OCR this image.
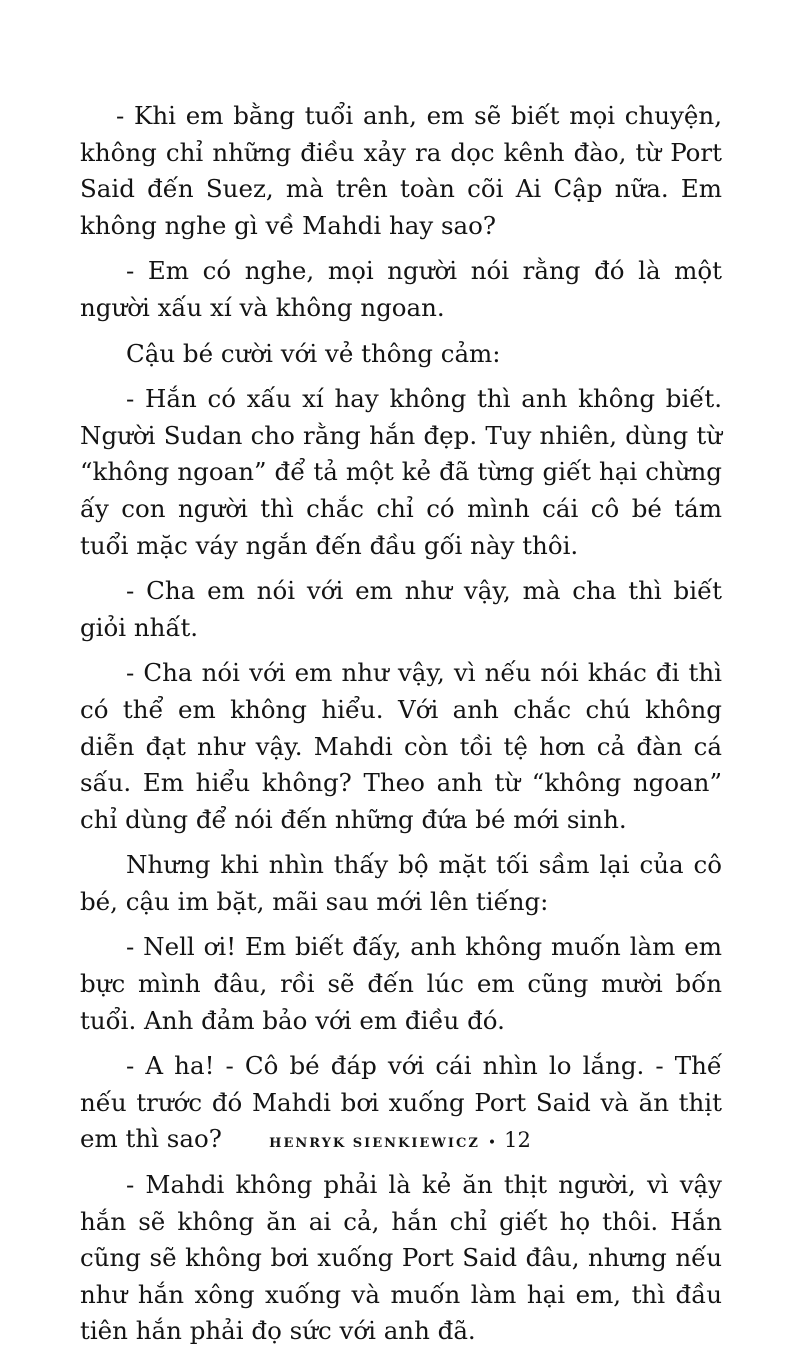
- Khi em bằng tuổi anh, em sẽ biết mọi chuyện, không chỉ những điều xảy ra dọc kênh đào, từ Port Said đến Suez, mà trên toàn cõi Ai Cập nữa. Em không nghe gì về Mahdi hay sao?

- Em có nghe, mọi người nói rằng đó là một người xấu xí và không ngoan.

Cậu bé cười với vẻ thông cảm:

- Hắn có xấu xí hay không thì anh không biết. Người Sudan cho rằng hắn đẹp. Tuy nhiên, dùng từ “không ngoan” để tả một kẻ đã từng giết hại chừng ấy con người thì chắc chỉ có mình cái cô bé tám tuổi mặc váy ngắn đến đầu gối này thôi.

- Cha em nói với em như vậy, mà cha thì biết giỏi nhất.

- Cha nói với em như vậy, vì nếu nói khác đi thì có thể em không hiểu. Với anh chắc chú không diễn đạt như vậy. Mahdi còn tồi tệ hơn cả đàn cá sấu. Em hiểu không? Theo anh từ “không ngoan” chỉ dùng để nói đến những đứa bé mới sinh.

Nhưng khi nhìn thấy bộ mặt tối sầm lại của cô bé, cậu im bặt, mãi sau mới lên tiếng:

- Nell ơi! Em biết đấy, anh không muốn làm em bực mình đâu, rồi sẽ đến lúc em cũng mười bốn tuổi. Anh đảm bảo với em điều đó.

- A ha! - Cô bé đáp với cái nhìn lo lắng. - Thế nếu trước đó Mahdi bơi xuống Port Said và ăn thịt em thì sao?

- Mahdi không phải là kẻ ăn thịt người, vì vậy hắn sẽ không ăn ai cả, hắn chỉ giết họ thôi. Hắn cũng sẽ không bơi xuống Port Said đâu, nhưng nếu như hắn xông xuống và muốn làm hại em, thì đầu tiên hắn phải đọ sức với anh đã.

HENRYK SIENKIEWICZ • 12
